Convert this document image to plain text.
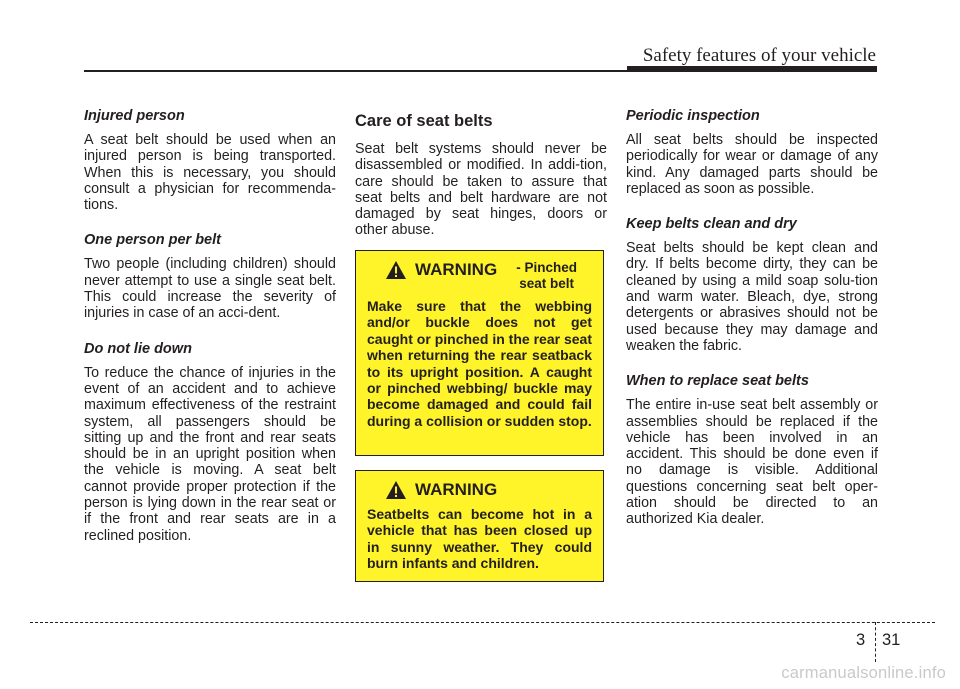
Safety features of your vehicle

Injured person

A seat belt should be used when an injured person is being transported. When this is necessary, you should consult a physician for recommenda-tions.

One person per belt

Two people (including children) should never attempt to use a single seat belt. This could increase the severity of injuries in case of an acci-dent.

Do not lie down

To reduce the chance of injuries in the event of an accident and to achieve maximum effectiveness of the restraint system, all passengers should be sitting up and the front and rear seats should be in an upright position when the vehicle is moving. A seat belt cannot provide proper protection if the person is lying down in the rear seat or if the front and rear seats are in a reclined position.

Care of seat belts

Seat belt systems should never be disassembled or modified. In addi-tion, care should be taken to assure that seat belts and belt hardware are not damaged by seat hinges, doors or other abuse.

WARNING	- Pinched seat belt
Make sure that the webbing and/or buckle does not get caught or pinched in the rear seat when returning the rear seatback to its upright position. A caught or pinched webbing/ buckle may become damaged and could fail during a collision or sudden stop.
WARNING
Seatbelts can become hot in a vehicle that has been closed up in sunny weather. They could burn infants and children.

Periodic inspection

All seat belts should be inspected periodically for wear or damage of any kind. Any damaged parts should be replaced as soon as possible.

Keep belts clean and dry

Seat belts should be kept clean and dry. If belts become dirty, they can be cleaned by using a mild soap solu-tion and warm water. Bleach, dye, strong detergents or abrasives should not be used because they may damage and weaken the fabric.

When to replace seat belts

The entire in-use seat belt assembly or assemblies should be replaced if the vehicle has been involved in an accident. This should be done even if no damage is visible. Additional questions concerning seat belt oper-ation should be directed to an authorized Kia dealer.

3 31
carmanualsonline.info
